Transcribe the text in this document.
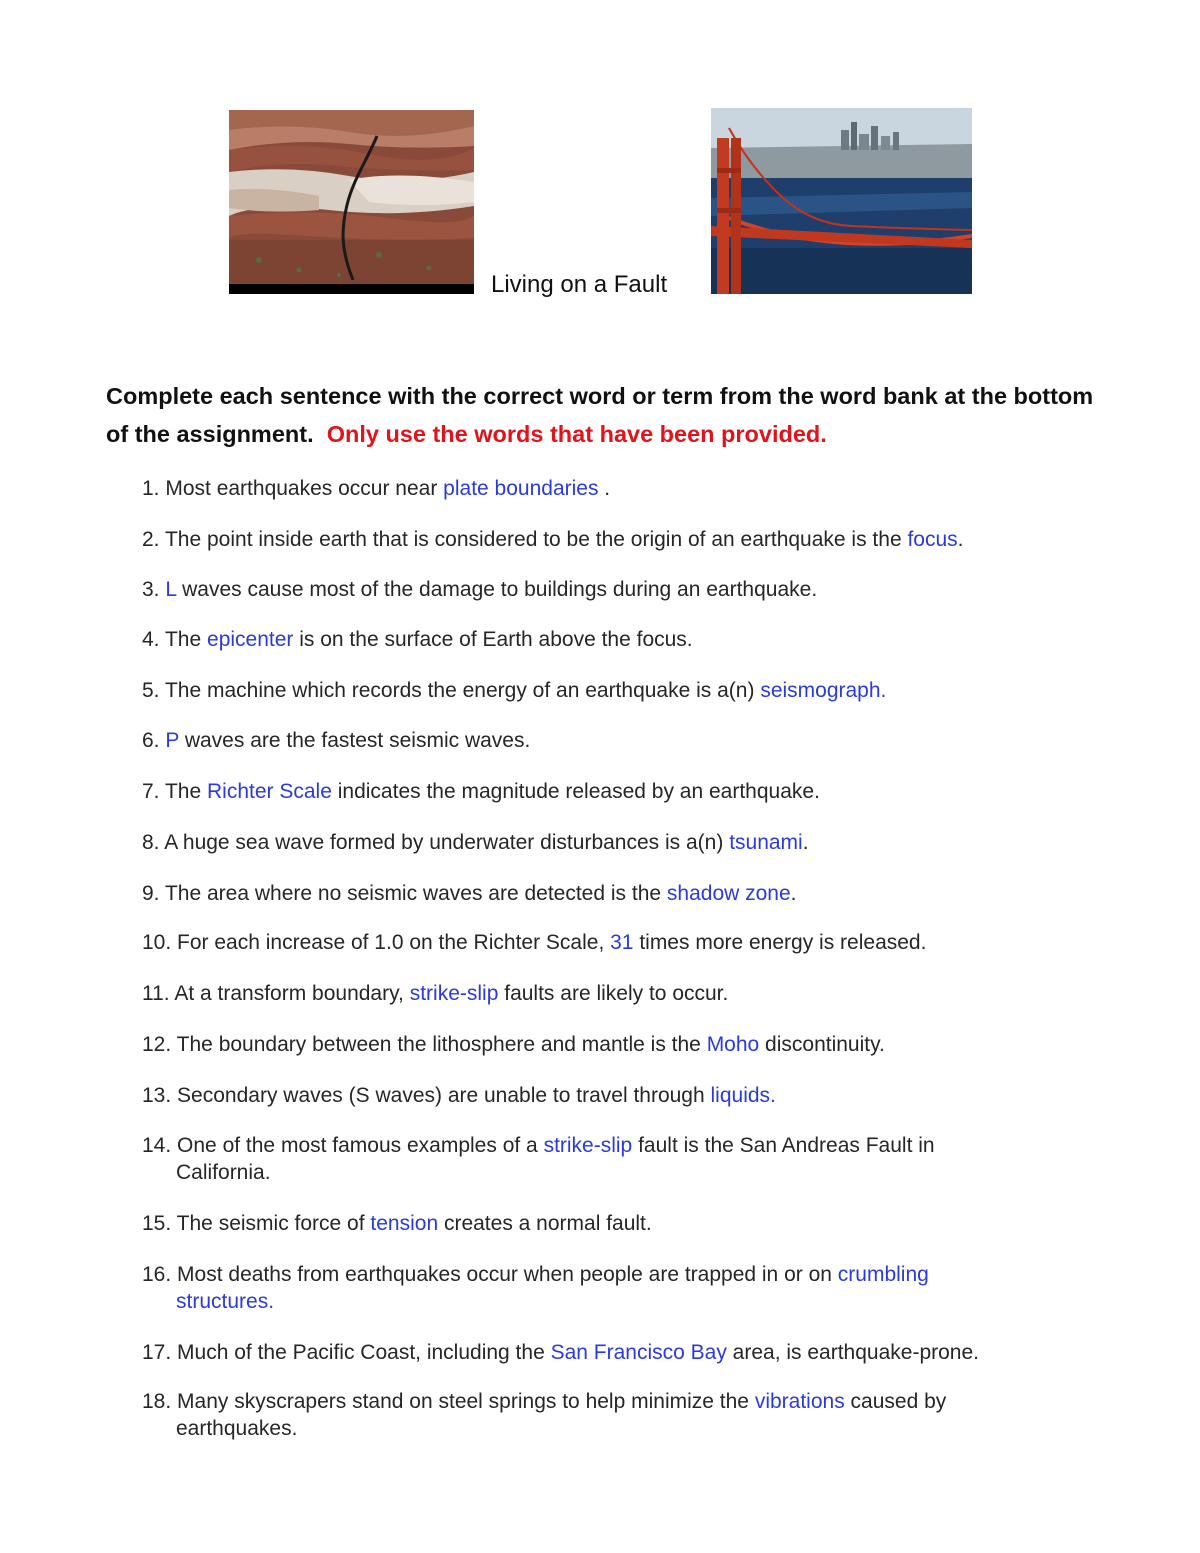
Living on a Fault
Complete each sentence with the correct word or term from the word bank at the bottom of the assignment. Only use the words that have been provided.
1. Most earthquakes occur near plate boundaries .
2. The point inside earth that is considered to be the origin of an earthquake is the focus.
3. L waves cause most of the damage to buildings during an earthquake.
4. The epicenter is on the surface of Earth above the focus.
5. The machine which records the energy of an earthquake is a(n) seismograph.
6. P waves are the fastest seismic waves.
7. The Richter Scale indicates the magnitude released by an earthquake.
8. A huge sea wave formed by underwater disturbances is a(n) tsunami.
9. The area where no seismic waves are detected is the shadow zone.
10. For each increase of 1.0 on the Richter Scale, 31 times more energy is released.
11. At a transform boundary, strike-slip faults are likely to occur.
12. The boundary between the lithosphere and mantle is the Moho discontinuity.
13. Secondary waves (S waves) are unable to travel through liquids.
14. One of the most famous examples of a strike-slip fault is the San Andreas Fault in
California.
15. The seismic force of tension creates a normal fault.
16. Most deaths from earthquakes occur when people are trapped in or on crumbling
structures.
17. Much of the Pacific Coast, including the San Francisco Bay area, is earthquake-prone.
18. Many skyscrapers stand on steel springs to help minimize the vibrations caused by
earthquakes.
